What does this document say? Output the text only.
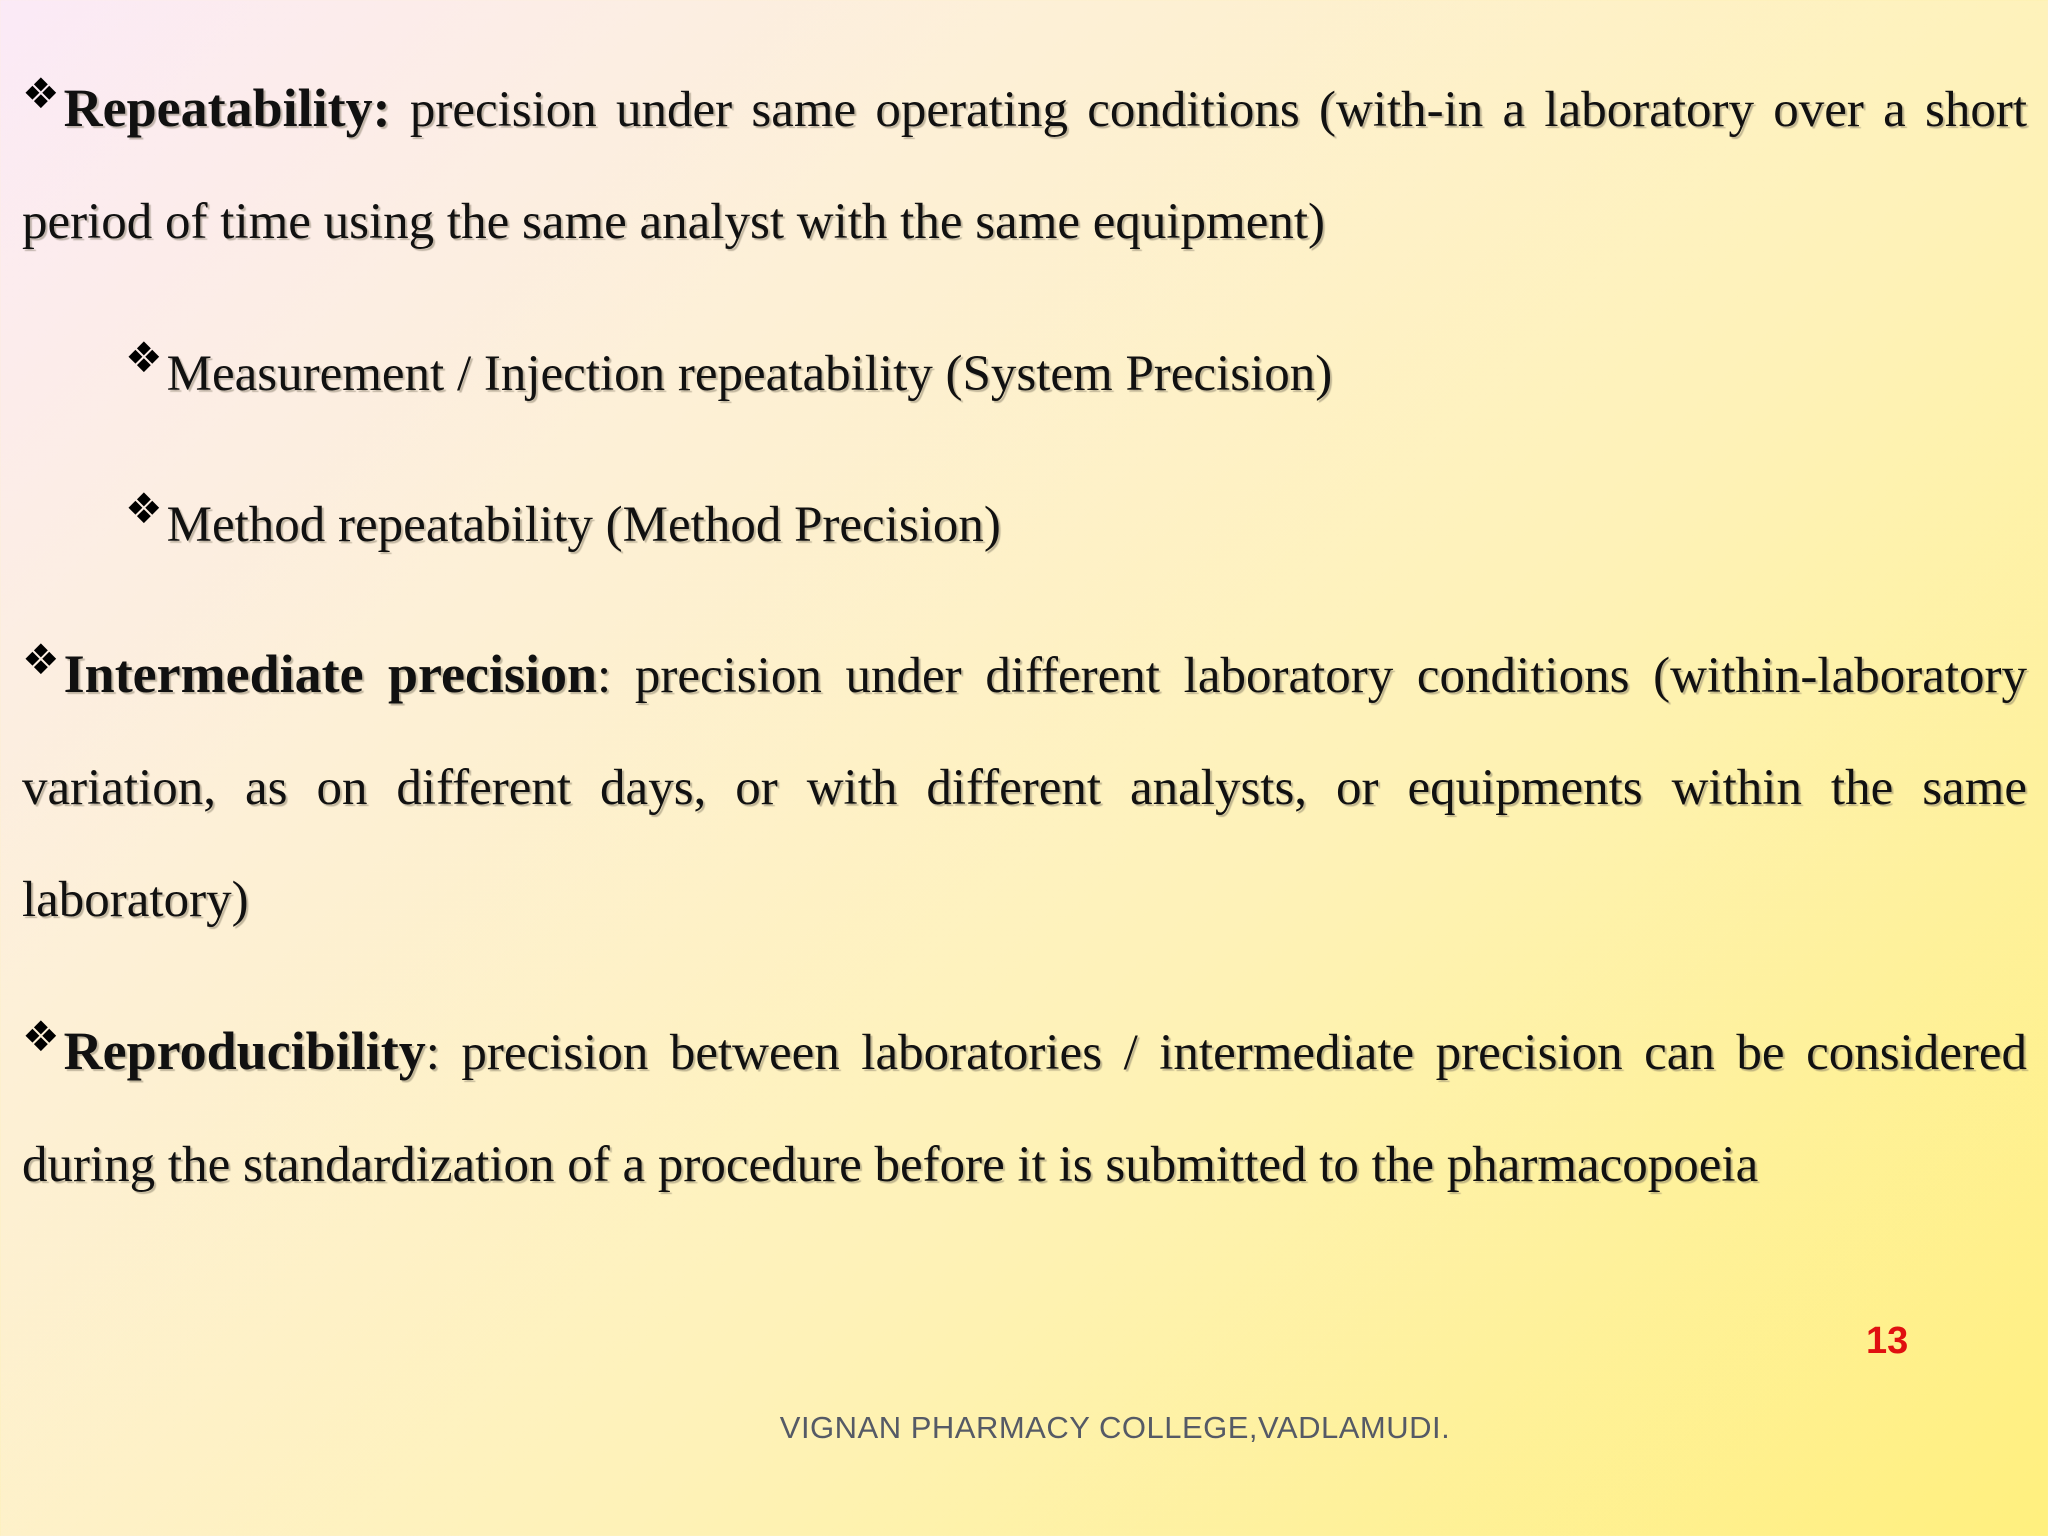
❖Repeatability: precision under same operating conditions (with-in a laboratory over a short period of time using the same analyst with the same equipment)

❖Measurement / Injection repeatability (System Precision)

❖Method repeatability (Method Precision)

❖Intermediate precision: precision under different laboratory conditions (within-laboratory variation, as on different days, or with different analysts, or equipments within the same laboratory)

❖Reproducibility: precision between laboratories / intermediate precision can be considered during the standardization of a procedure before it is submitted to the pharmacopoeia

13
VIGNAN PHARMACY COLLEGE,VADLAMUDI.
